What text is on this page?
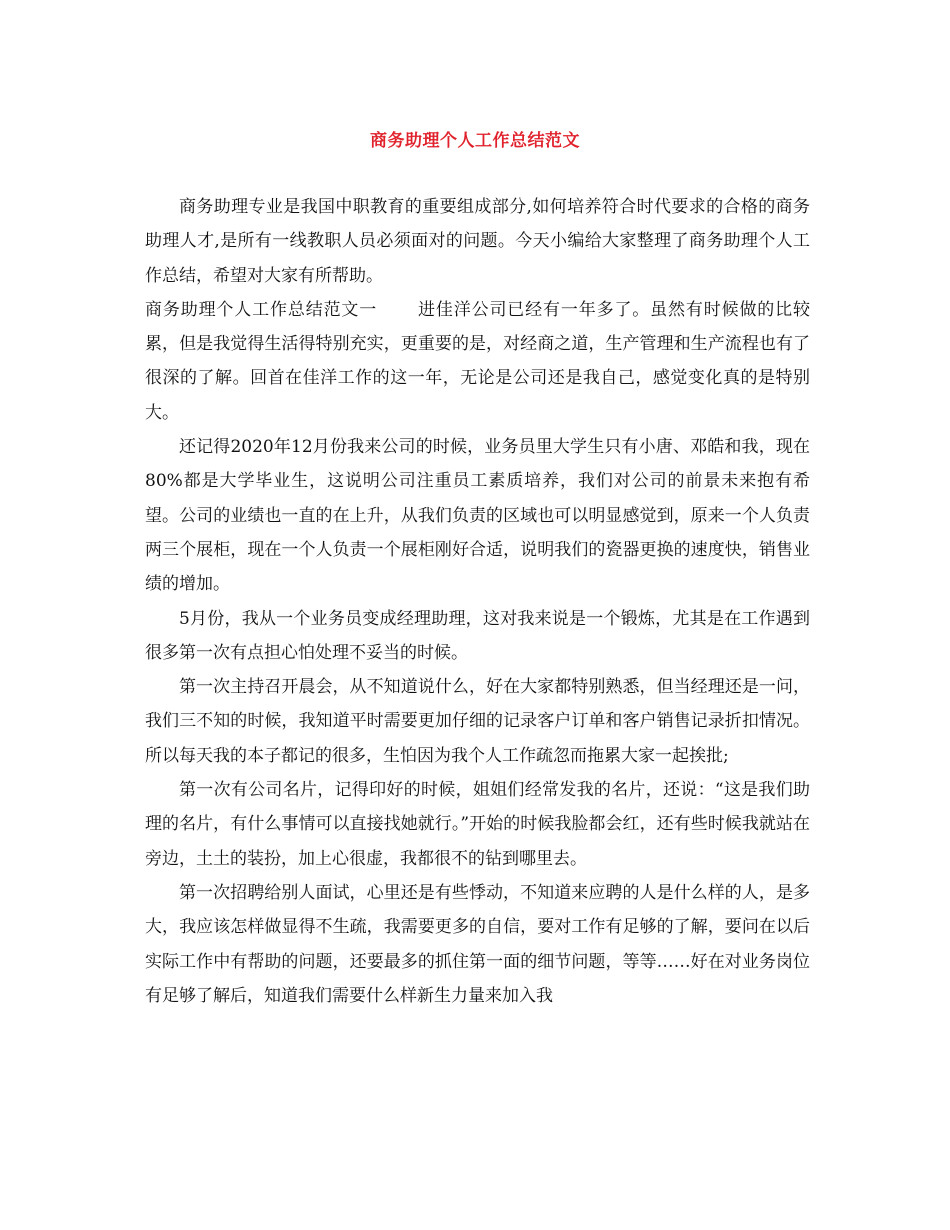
商务助理个人工作总结范文

商务助理专业是我国中职教育的重要组成部分,如何培养符合时代要求的合格的商务助理人才,是所有一线教职人员必须面对的问题。今天小编给大家整理了商务助理个人工作总结，希望对大家有所帮助。

商务助理个人工作总结范文一 进佳洋公司已经有一年多了。虽然有时候做的比较累，但是我觉得生活得特别充实，更重要的是，对经商之道，生产管理和生产流程也有了很深的了解。回首在佳洋工作的这一年，无论是公司还是我自己，感觉变化真的是特别大。

还记得2020年12月份我来公司的时候，业务员里大学生只有小唐、邓皓和我，现在80%都是大学毕业生，这说明公司注重员工素质培养，我们对公司的前景未来抱有希望。公司的业绩也一直的在上升，从我们负责的区域也可以明显感觉到，原来一个人负责两三个展柜，现在一个人负责一个展柜刚好合适，说明我们的瓷器更换的速度快，销售业绩的增加。

5月份，我从一个业务员变成经理助理，这对我来说是一个锻炼，尤其是在工作遇到很多第一次有点担心怕处理不妥当的时候。

第一次主持召开晨会，从不知道说什么，好在大家都特别熟悉，但当经理还是一问，我们三不知的时候，我知道平时需要更加仔细的记录客户订单和客户销售记录折扣情况。所以每天我的本子都记的很多，生怕因为我个人工作疏忽而拖累大家一起挨批;

第一次有公司名片，记得印好的时候，姐姐们经常发我的名片，还说：“这是我们助理的名片，有什么事情可以直接找她就行。”开始的时候我脸都会红，还有些时候我就站在旁边，土土的装扮，加上心很虚，我都很不的钻到哪里去。

第一次招聘给别人面试，心里还是有些悸动，不知道来应聘的人是什么样的人，是多大，我应该怎样做显得不生疏，我需要更多的自信，要对工作有足够的了解，要问在以后实际工作中有帮助的问题，还要最多的抓住第一面的细节问题，等等……好在对业务岗位有足够了解后，知道我们需要什么样新生力量来加入我
